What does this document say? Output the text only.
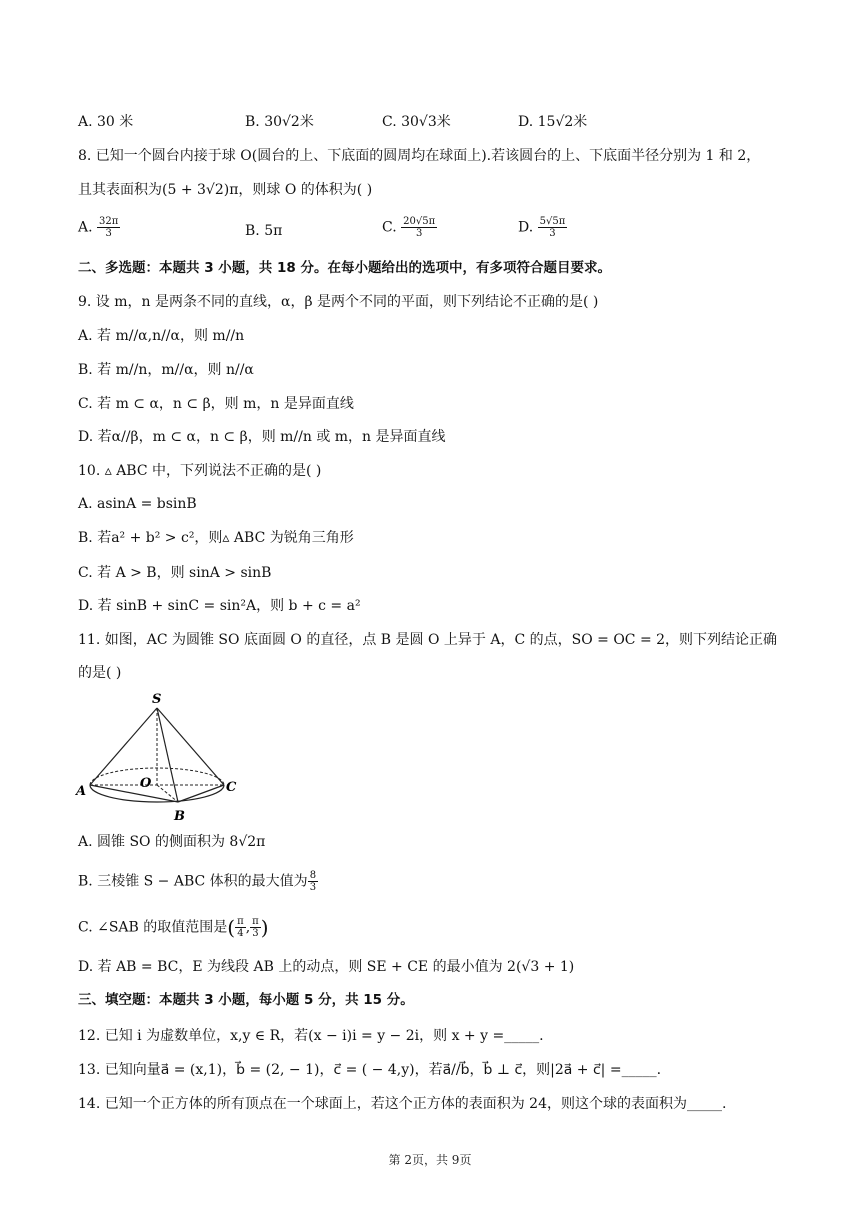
A. 30 米	B. 30√2米	C. 30√3米	D. 15√2米
8. 已知一个圆台内接于球 O(圆台的上、下底面的圆周均在球面上).若该圆台的上、下底面半径分别为 1 和 2，
且其表面积为(5 + 3√2)π，则球 O 的体积为( )
A. $\frac{32\pi}{3}$	B. 5π	C. $\frac{20√5\pi}{3}$	D. $\frac{5√5\pi}{3}$
二、多选题：本题共 3 小题，共 18 分。在每小题给出的选项中，有多项符合题目要求。
9. 设 m，n 是两条不同的直线，α，β 是两个不同的平面，则下列结论不正确的是( )
A. 若 m//α,n//α，则 m//n
B. 若 m//n，m//α，则 n//α
C. 若 m ⊂ α，n ⊂ β，则 m，n 是异面直线
D. 若α//β，m ⊂ α，n ⊂ β，则 m//n 或 m，n 是异面直线
10. ▵ ABC 中，下列说法不正确的是( )
A. asinA = bsinB
B. 若a² + b² > c²，则▵ ABC 为锐角三角形
C. 若 A > B，则 sinA > sinB
D. 若 sinB + sinC = sin²A，则 b + c = a²
11. 如图，AC 为圆锥 SO 底面圆 O 的直径，点 B 是圆 O 上异于 A，C 的点，SO = OC = 2，则下列结论正确
的是( )
S
O
A
B
C
A. 圆锥 SO 的侧面积为 8√2π
B. 三棱锥 S − ABC 体积的最大值为 $\frac{8}{3}$
C. ∠SAB 的取值范围是( $\frac{\pi}{4}$ , $\frac{\pi}{3}$ )
D. 若 AB = BC，E 为线段 AB 上的动点，则 SE + CE 的最小值为 2(√3 + 1)
三、填空题：本题共 3 小题，每小题 5 分，共 15 分。
12. 已知 i 为虚数单位，x,y ∈ R，若(x − i)i = y − 2i，则 x + y =_____.
13. 已知向量a⃗ = (x,1)，b⃗ = (2, − 1)，c⃗ = ( − 4,y)，若a⃗//b⃗，b⃗ ⊥ c⃗，则|2a⃗ + c⃗| =_____.
14. 已知一个正方体的所有顶点在一个球面上，若这个正方体的表面积为 24，则这个球的表面积为_____.
第 2页，共 9页
